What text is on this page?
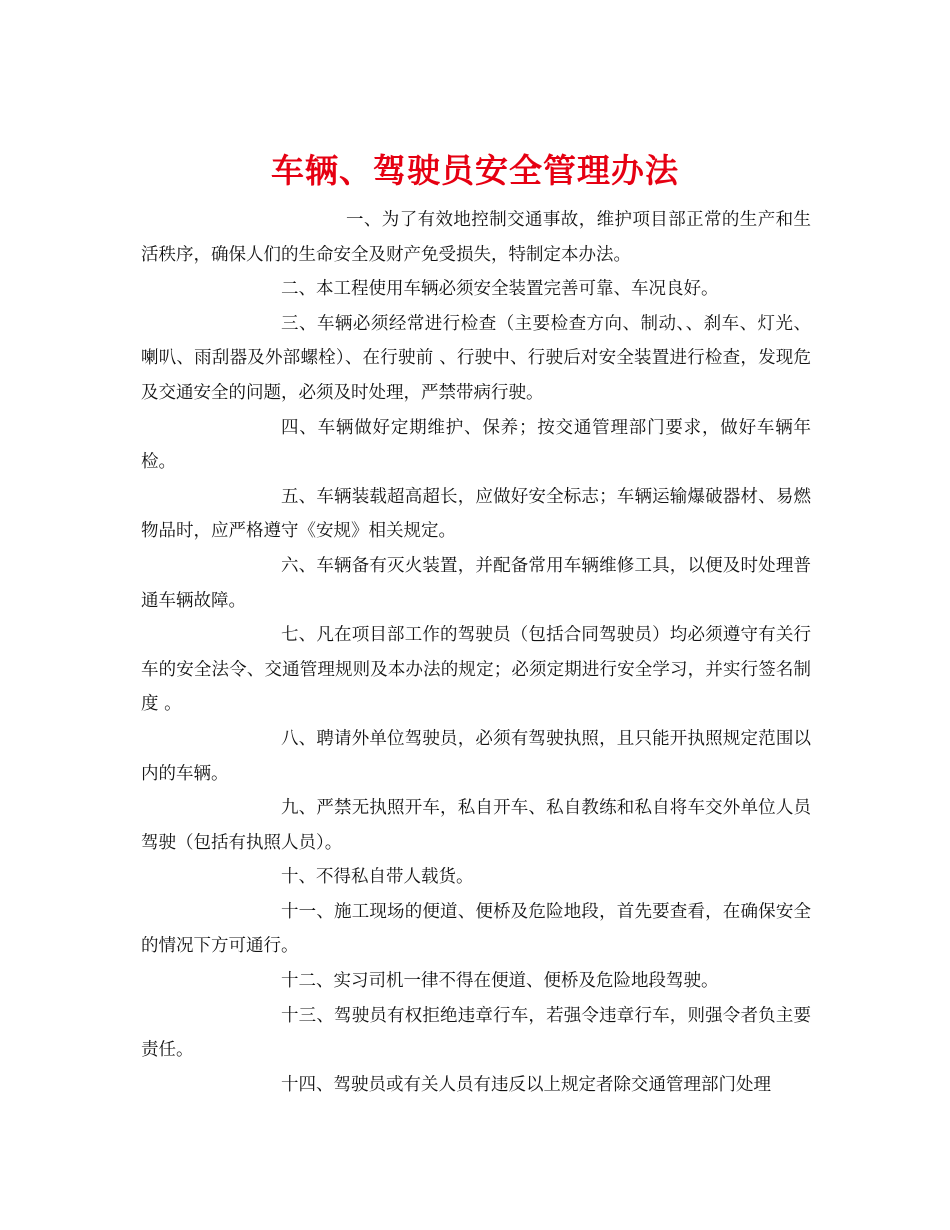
车辆、驾驶员安全管理办法

一、为了有效地控制交通事故，维护项目部正常的生产和生活秩序，确保人们的生命安全及财产免受损失，特制定本办法。

二、本工程使用车辆必须安全装置完善可靠、车况良好。

三、车辆必须经常进行检查（主要检查方向、制动、、刹车、灯光、喇叭、雨刮器及外部螺栓）、在行驶前 、行驶中、行驶后对安全装置进行检查，发现危及交通安全的问题，必须及时处理，严禁带病行驶。

四、车辆做好定期维护、保养；按交通管理部门要求，做好车辆年检。

五、车辆装载超高超长，应做好安全标志；车辆运输爆破器材、易燃物品时，应严格遵守《安规》相关规定。

六、车辆备有灭火装置，并配备常用车辆维修工具，以便及时处理普通车辆故障。

七、凡在项目部工作的驾驶员（包括合同驾驶员）均必须遵守有关行车的安全法令、交通管理规则及本办法的规定；必须定期进行安全学习，并实行签名制度 。

八、聘请外单位驾驶员，必须有驾驶执照，且只能开执照规定范围以内的车辆。

九、严禁无执照开车，私自开车、私自教练和私自将车交外单位人员驾驶（包括有执照人员）。

十、不得私自带人载货。

十一、施工现场的便道、便桥及危险地段，首先要查看，在确保安全的情况下方可通行。

十二、实习司机一律不得在便道、便桥及危险地段驾驶。

十三、驾驶员有权拒绝违章行车，若强令违章行车，则强令者负主要责任。

十四、驾驶员或有关人员有违反以上规定者除交通管理部门处理
